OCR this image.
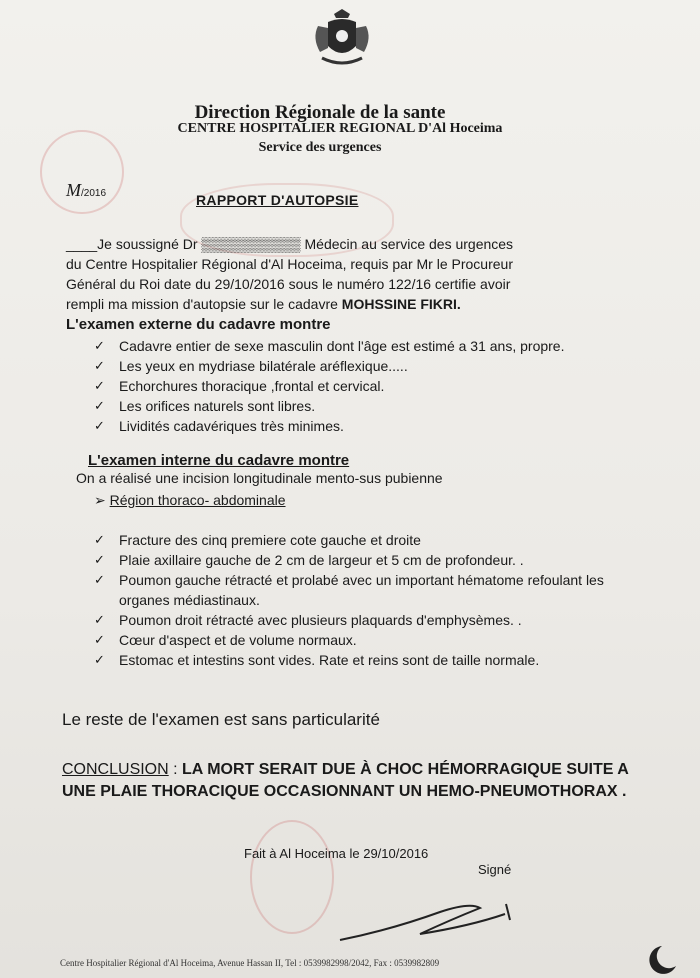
Direction Régionale de la sante
CENTRE HOSPITALIER REGIONAL D'Al Hoceima
Service des urgences
M/2016	RAPPORT D'AUTOPSIE
____Je soussigné Dr ▒▒▒▒▒▒▒▒▒▒ Médecin au service des urgences
du Centre Hospitalier Régional d'Al Hoceima, requis par Mr le Procureur
Général du Roi date du 29/10/2016 sous le numéro 122/16 certifie avoir
rempli ma mission d'autopsie sur le cadavre MOHSSINE FIKRI.
L'examen externe du cadavre montre
✓ Cadavre entier de sexe masculin dont l'âge est estimé a 31 ans, propre.
✓ Les yeux en mydriase bilatérale aréflexique.....
✓ Echorchures thoracique ,frontal et cervical.
✓ Les orifices naturels sont libres.
✓ Lividités cadavériques très minimes.
L'examen interne du cadavre montre
On a réalisé une incision longitudinale mento-sus pubienne
➢ Région thoraco- abdominale
✓ Fracture des cinq premiere cote gauche et droite
✓ Plaie axillaire gauche de 2 cm de largeur et 5 cm de profondeur. .
✓ Poumon gauche rétracté et prolabé avec un important hématome refoulant les organes médiastinaux.
✓ Poumon droit rétracté avec plusieurs plaquards d'emphysèmes. .
✓ Cœur d'aspect et de volume normaux.
✓ Estomac et intestins sont vides. Rate et reins sont de taille normale.
Le reste de l'examen est sans particularité
CONCLUSION : LA MORT SERAIT DUE À CHOC HÉMORRAGIQUE SUITE A UNE PLAIE THORACIQUE OCCASIONNANT UN HEMO-PNEUMOTHORAX .
Fait à Al Hoceima le 29/10/2016
Signé
Centre Hospitalier Régional d'Al Hoceima, Avenue Hassan II, Tel : 0539982998/2042, Fax : 0539982809
